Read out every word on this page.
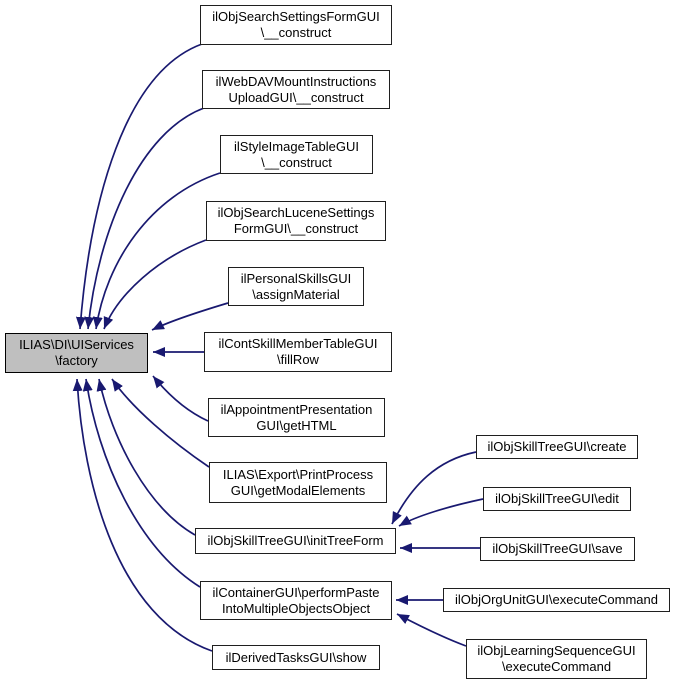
ILIAS\DI\UIServices
\factory
ilObjSearchSettingsFormGUI
\__construct
ilWebDAVMountInstructions
UploadGUI\__construct
ilStyleImageTableGUI
\__construct
ilObjSearchLuceneSettings
FormGUI\__construct
ilPersonalSkillsGUI
\assignMaterial
ilContSkillMemberTableGUI
\fillRow
ilAppointmentPresentation
GUI\getHTML
ILIAS\Export\PrintProcess
GUI\getModalElements
ilObjSkillTreeGUI\initTreeForm
ilContainerGUI\performPaste
IntoMultipleObjectsObject
ilDerivedTasksGUI\show
ilObjSkillTreeGUI\create
ilObjSkillTreeGUI\edit
ilObjSkillTreeGUI\save
ilObjOrgUnitGUI\executeCommand
ilObjLearningSequenceGUI
\executeCommand
